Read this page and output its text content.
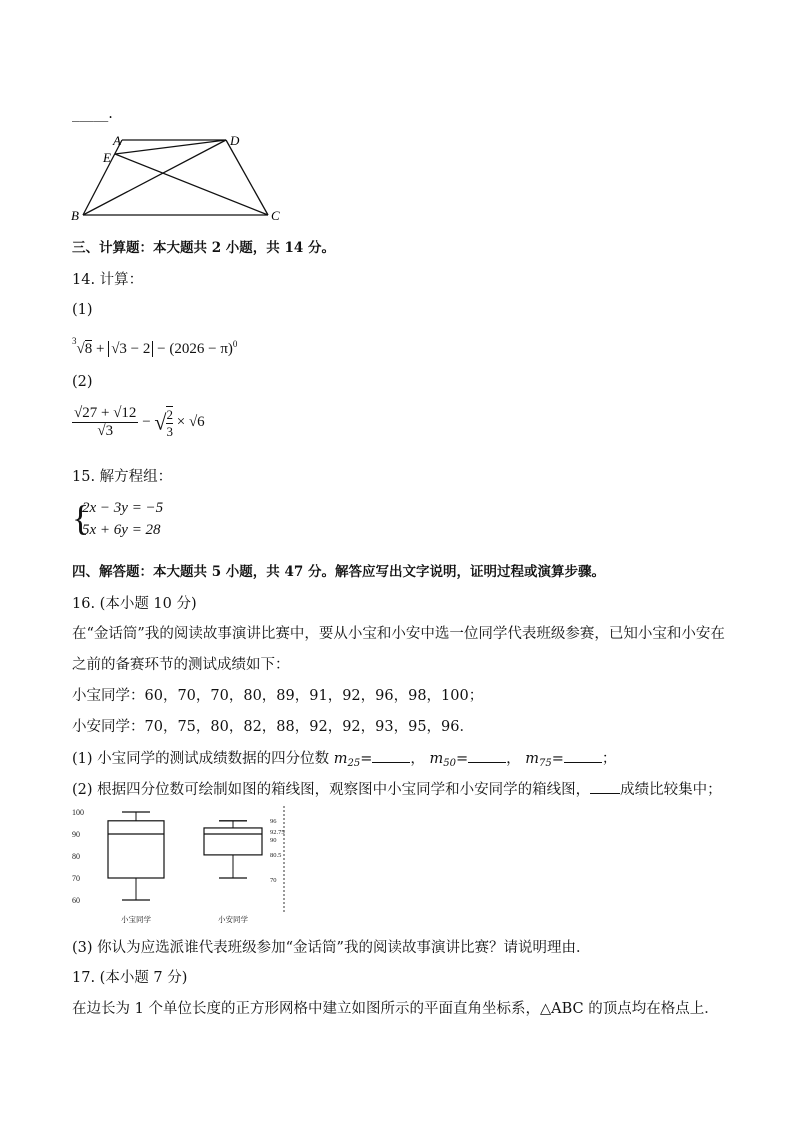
_____.
A	D
E
B	C
三、计算题：本大题共 2 小题，共 14 分。
14. 计算：
(1)
$^3√8 + √3 - 2 - (2026 - \pi)^0$
(2)
$\frac{√27 + √12}{√3}$ − √ $\frac{2}{3} \times √6$
15. 解方程组：
{
2x − 3y = −5
5x + 6y = 28
四、解答题：本大题共 5 小题，共 47 分。解答应写出文字说明，证明过程或演算步骤。
16. (本小题 10 分)
在“金话筒”我的阅读故事演讲比赛中，要从小宝和小安中选一位同学代表班级参赛，已知小宝和小安在
之前的备赛环节的测试成绩如下：
小宝同学：60，70，70，80，89，91，92，96，98，100；
小安同学：70，75，80，82，88，92，92，93，95，96．
(1) 小宝同学的测试成绩数据的四分位数 $m_{25}=$	， $m_{50}=$	， $m_{75}=$	；
(2) 根据四分位数可绘制如图的箱线图，观察图中小宝同学和小安同学的箱线图， 成绩比较集中；
100
90
80
70
60
96
92.75
90
80.5
70
小宝同学	小安同学
(3) 你认为应选派谁代表班级参加“金话筒”我的阅读故事演讲比赛？请说明理由．
17. (本小题 7 分)
在边长为 1 个单位长度的正方形网格中建立如图所示的平面直角坐标系，△ABC 的顶点均在格点上．
